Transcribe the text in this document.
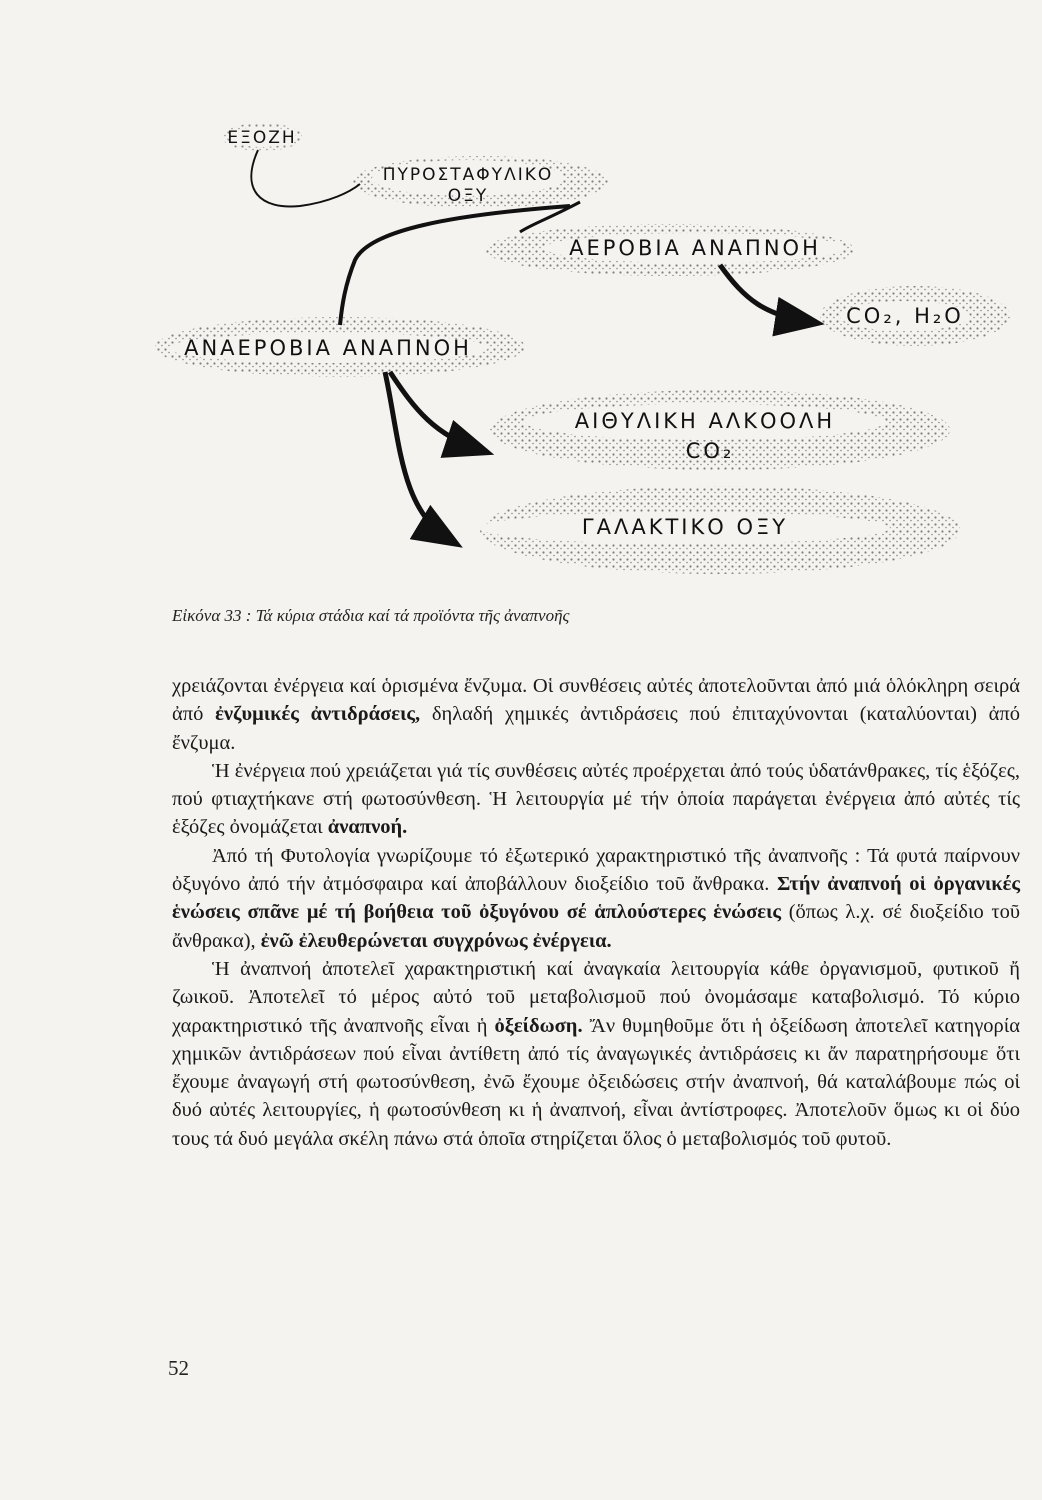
ΕΞΟΖΗ
ΠΥΡΟΣΤΑΦΥΛΙΚΟ
ΟΞΥ
ΑΕΡΟΒΙΑ ΑΝΑΠΝΟΗ
CO₂, H₂O
ΑΝΑΕΡΟΒΙΑ ΑΝΑΠΝΟΗ
ΑΙΘΥΛΙΚΗ ΑΛΚΟΟΛΗ
CO₂
ΓΑΛΑΚΤΙΚΟ ΟΞΥ
Εἰκόνα 33 : Τά κύρια στάδια καί τά προϊόντα τῆς ἀναπνοῆς

χρειάζονται ἐνέργεια καί ὁρισμένα ἔνζυμα. Οἱ συνθέσεις αὐτές ἀποτελοῦνται ἀπό μιά ὁλόκληρη σειρά ἀπό ἐνζυμικές ἀντιδράσεις, δηλαδή χημικές ἀντιδράσεις πού ἐπιταχύνονται (καταλύονται) ἀπό ἔνζυμα.

Ἡ ἐνέργεια πού χρειάζεται γιά τίς συνθέσεις αὐτές προέρχεται ἀπό τούς ὑδατάνθρακες, τίς ἑξόζες, πού φτιαχτήκανε στή φωτοσύνθεση. Ἡ λειτουργία μέ τήν ὁποία παράγεται ἐνέργεια ἀπό αὐτές τίς ἑξόζες ὀνομάζεται ἀναπνοή.

Ἀπό τή Φυτολογία γνωρίζουμε τό ἐξωτερικό χαρακτηριστικό τῆς ἀναπνοῆς : Τά φυτά παίρνουν ὀξυγόνο ἀπό τήν ἀτμόσφαιρα καί ἀποβάλλουν διοξείδιο τοῦ ἄνθρακα. Στήν ἀναπνοή οἱ ὀργανικές ἑνώσεις σπᾶνε μέ τή βοήθεια τοῦ ὀξυγόνου σέ ἁπλούστερες ἑνώσεις (ὅπως λ.χ. σέ διοξείδιο τοῦ ἄνθρακα), ἐνῶ ἐλευθερώνεται συγχρόνως ἐνέργεια.

Ἡ ἀναπνοή ἀποτελεῖ χαρακτηριστική καί ἀναγκαία λειτουργία κάθε ὀργανισμοῦ, φυτικοῦ ἤ ζωικοῦ. Ἀποτελεῖ τό μέρος αὐτό τοῦ μεταβολισμοῦ πού ὀνομάσαμε καταβολισμό. Τό κύριο χαρακτηριστικό τῆς ἀναπνοῆς εἶναι ἡ ὀξείδωση. Ἄν θυμηθοῦμε ὅτι ἡ ὀξείδωση ἀποτελεῖ κατηγορία χημικῶν ἀντιδράσεων πού εἶναι ἀντίθετη ἀπό τίς ἀναγωγικές ἀντιδράσεις κι ἄν παρατηρήσουμε ὅτι ἔχουμε ἀναγωγή στή φωτοσύνθεση, ἐνῶ ἔχουμε ὀξειδώσεις στήν ἀναπνοή, θά καταλάβουμε πώς οἱ δυό αὐτές λειτουργίες, ἡ φωτοσύνθεση κι ἡ ἀναπνοή, εἶναι ἀντίστροφες. Ἀποτελοῦν ὅμως κι οἱ δύο τους τά δυό μεγάλα σκέλη πάνω στά ὁποῖα στηρίζεται ὅλος ὁ μεταβολισμός τοῦ φυτοῦ.

52
